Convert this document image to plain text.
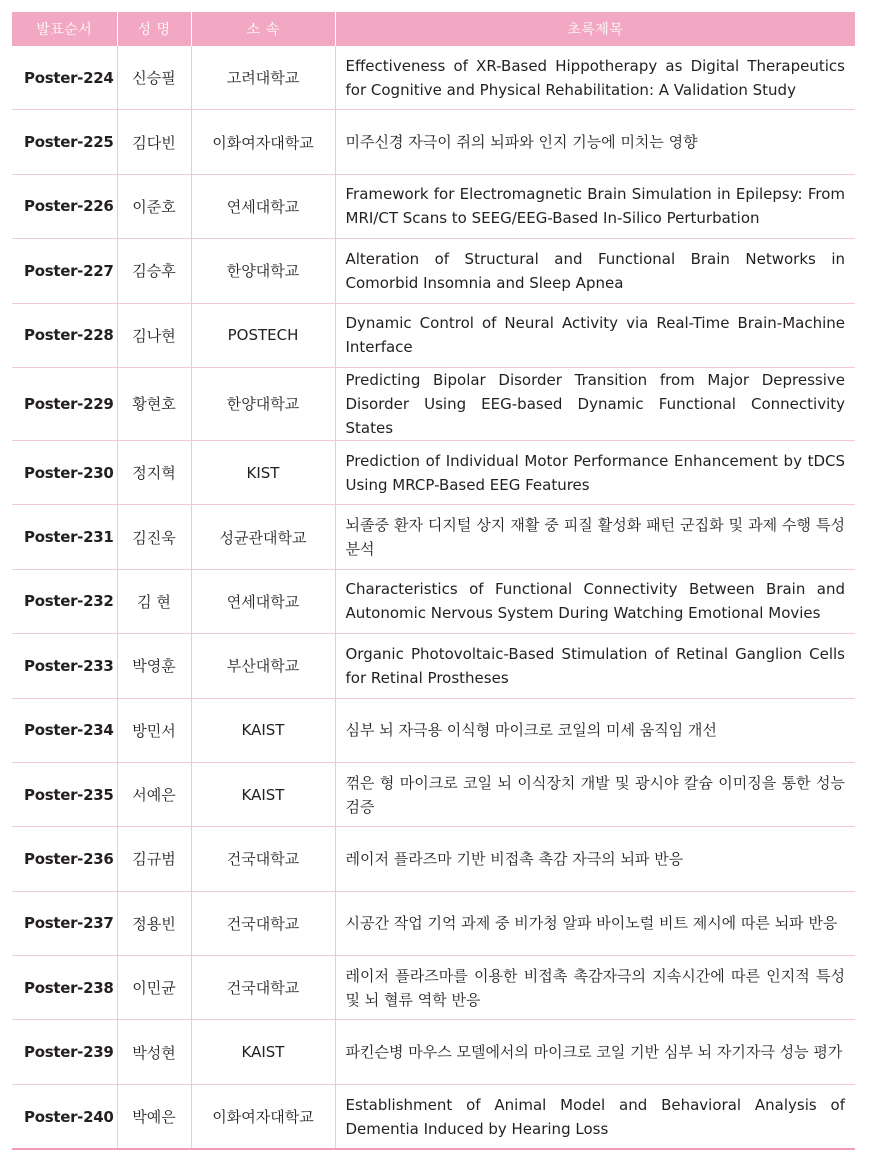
발표순서	성 명	소 속	초록제목
Poster-224	신승필	고려대학교	Effectiveness of XR-Based Hippotherapy as Digital Therapeutics for Cognitive and Physical Rehabilitation: A Validation Study
Poster-225	김다빈	이화여자대학교	미주신경 자극이 쥐의 뇌파와 인지 기능에 미치는 영향
Poster-226	이준호	연세대학교	Framework for Electromagnetic Brain Simulation in Epilepsy: From MRI/CT Scans to SEEG/EEG-Based In-Silico Perturbation
Poster-227	김승후	한양대학교	Alteration of Structural and Functional Brain Networks in Comorbid Insomnia and Sleep Apnea
Poster-228	김나현	POSTECH	Dynamic Control of Neural Activity via Real-Time Brain-Machine Interface
Poster-229	황현호	한양대학교	Predicting Bipolar Disorder Transition from Major Depressive Disorder Using EEG-based Dynamic Functional Connectivity States
Poster-230	정지혁	KIST	Prediction of Individual Motor Performance Enhancement by tDCS Using MRCP-Based EEG Features
Poster-231	김진욱	성균관대학교	뇌졸중 환자 디지털 상지 재활 중 피질 활성화 패턴 군집화 및 과제 수행 특성 분석
Poster-232	김 현	연세대학교	Characteristics of Functional Connectivity Between Brain and Autonomic Nervous System During Watching Emotional Movies
Poster-233	박영훈	부산대학교	Organic Photovoltaic-Based Stimulation of Retinal Ganglion Cells for Retinal Prostheses
Poster-234	방민서	KAIST	심부 뇌 자극용 이식형 마이크로 코일의 미세 움직임 개선
Poster-235	서예은	KAIST	꺾은 형 마이크로 코일 뇌 이식장치 개발 및 광시야 칼슘 이미징을 통한 성능 검증
Poster-236	김규범	건국대학교	레이저 플라즈마 기반 비접촉 촉감 자극의 뇌파 반응
Poster-237	정용빈	건국대학교	시공간 작업 기억 과제 중 비가청 알파 바이노럴 비트 제시에 따른 뇌파 반응
Poster-238	이민균	건국대학교	레이저 플라즈마를 이용한 비접촉 촉감자극의 지속시간에 따른 인지적 특성 및 뇌 혈류 역학 반응
Poster-239	박성현	KAIST	파킨슨병 마우스 모델에서의 마이크로 코일 기반 심부 뇌 자기자극 성능 평가
Poster-240	박예은	이화여자대학교	Establishment of Animal Model and Behavioral Analysis of Dementia Induced by Hearing Loss
